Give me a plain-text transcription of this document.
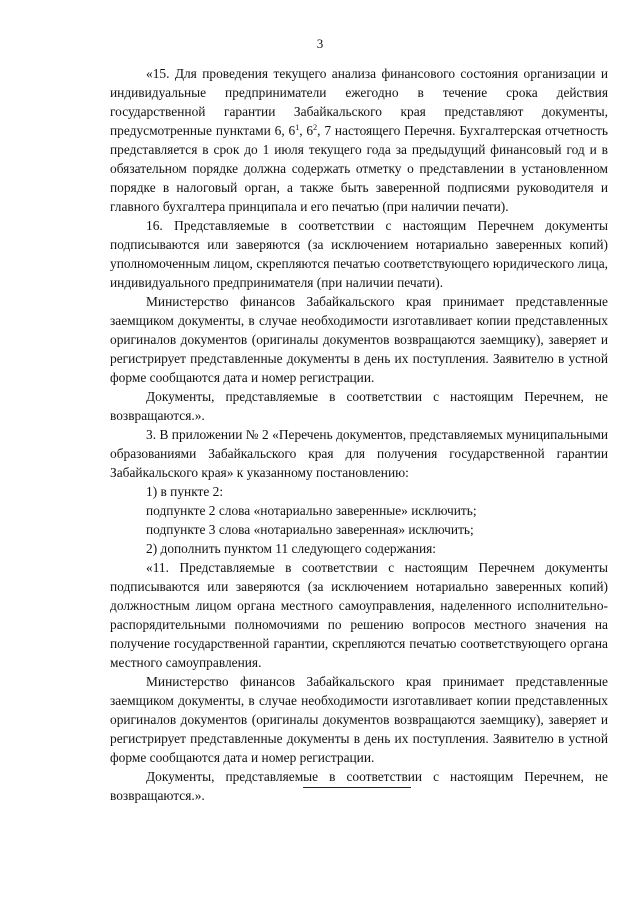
3

«15. Для проведения текущего анализа финансового состояния организации и индивидуальные предприниматели ежегодно в течение срока действия государственной гарантии Забайкальского края представляют документы, предусмотренные пунктами 6, $6^1$, $6^2$, 7 настоящего Перечня. Бухгалтерская отчетность представляется в срок до 1 июля текущего года за предыдущий финансовый год и в обязательном порядке должна содержать отметку о представлении в установленном порядке в налоговый орган, а также быть заверенной подписями руководителя и главного бухгалтера принципала и его печатью (при наличии печати).

16. Представляемые в соответствии с настоящим Перечнем документы подписываются или заверяются (за исключением нотариально заверенных копий) уполномоченным лицом, скрепляются печатью соответствующего юридического лица, индивидуального предпринимателя (при наличии печати).

Министерство финансов Забайкальского края принимает представленные заемщиком документы, в случае необходимости изготавливает копии представленных оригиналов документов (оригиналы документов возвращаются заемщику), заверяет и регистрирует представленные документы в день их поступления. Заявителю в устной форме сообщаются дата и номер регистрации.

Документы, представляемые в соответствии с настоящим Перечнем, не возвращаются.».

3. В приложении № 2 «Перечень документов, представляемых муниципальными образованиями Забайкальского края для получения государственной гарантии Забайкальского края» к указанному постановлению:

1) в пункте 2:

подпункте 2 слова «нотариально заверенные» исключить;

подпункте 3 слова «нотариально заверенная» исключить;

2) дополнить пунктом 11 следующего содержания:

«11. Представляемые в соответствии с настоящим Перечнем документы подписываются или заверяются (за исключением нотариально заверенных копий) должностным лицом органа местного самоуправления, наделенного исполнительно-распорядительными полномочиями по решению вопросов местного значения на получение государственной гарантии, скрепляются печатью соответствующего органа местного самоуправления.

Министерство финансов Забайкальского края принимает представленные заемщиком документы, в случае необходимости изготавливает копии представленных оригиналов документов (оригиналы документов возвращаются заемщику), заверяет и регистрирует представленные документы в день их поступления. Заявителю в устной форме сообщаются дата и номер регистрации.

Документы, представляемые в соответствии с настоящим Перечнем, не возвращаются.».
